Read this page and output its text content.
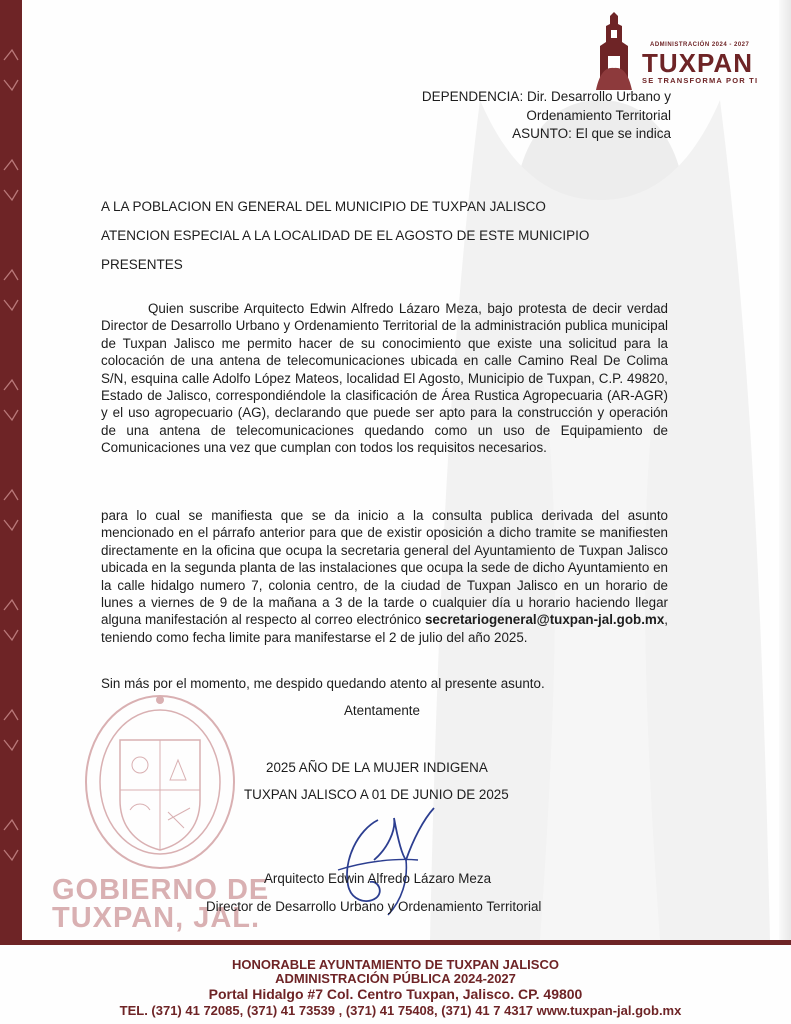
ADMINISTRACIÓN 2024 - 2027
TUXPAN
SE TRANSFORMA POR TI
DEPENDENCIA: Dir. Desarrollo Urbano y
Ordenamiento Territorial
ASUNTO: El que se indica
A LA POBLACION EN GENERAL DEL MUNICIPIO DE TUXPAN JALISCO
ATENCION ESPECIAL A LA LOCALIDAD DE EL AGOSTO DE ESTE MUNICIPIO
PRESENTES
Quien suscribe Arquitecto Edwin Alfredo Lázaro Meza, bajo protesta de decir verdad Director de Desarrollo Urbano y Ordenamiento Territorial de la administración publica municipal de Tuxpan Jalisco me permito hacer de su conocimiento que existe una solicitud para la colocación de una antena de telecomunicaciones ubicada en calle Camino Real De Colima S/N, esquina calle Adolfo López Mateos, localidad El Agosto, Municipio de Tuxpan, C.P. 49820, Estado de Jalisco, correspondiéndole la clasificación de Área Rustica Agropecuaria (AR-AGR) y el uso agropecuario (AG), declarando que puede ser apto para la construcción y operación de una antena de telecomunicaciones quedando como un uso de Equipamiento de Comunicaciones una vez que cumplan con todos los requisitos necesarios.
para lo cual se manifiesta que se da inicio a la consulta publica derivada del asunto mencionado en el párrafo anterior para que de existir oposición a dicho tramite se manifiesten directamente en la oficina que ocupa la secretaria general del Ayuntamiento de Tuxpan Jalisco ubicada en la segunda planta de las instalaciones que ocupa la sede de dicho Ayuntamiento en la calle hidalgo numero 7, colonia centro, de la ciudad de Tuxpan Jalisco en un horario de lunes a viernes de 9 de la mañana a 3 de la tarde o cualquier día u horario haciendo llegar alguna manifestación al respecto al correo electrónico secretariogeneral@tuxpan-jal.gob.mx, teniendo como fecha limite para manifestarse el 2 de julio del año 2025.
Sin más por el momento, me despido quedando atento al presente asunto.
Atentamente
2025 AÑO DE LA MUJER INDIGENA
TUXPAN JALISCO A 01 DE JUNIO DE 2025
GOBIERNO DE
TUXPAN, JAL.
Arquitecto Edwin Alfredo Lázaro Meza
Director de Desarrollo Urbano y Ordenamiento Territorial
HONORABLE AYUNTAMIENTO DE TUXPAN JALISCO
ADMINISTRACIÓN PÚBLICA 2024-2027
Portal Hidalgo #7 Col. Centro Tuxpan, Jalisco. CP. 49800
TEL. (371) 41 72085, (371) 41 73539 , (371) 41 75408, (371) 41 7 4317 www.tuxpan-jal.gob.mx
